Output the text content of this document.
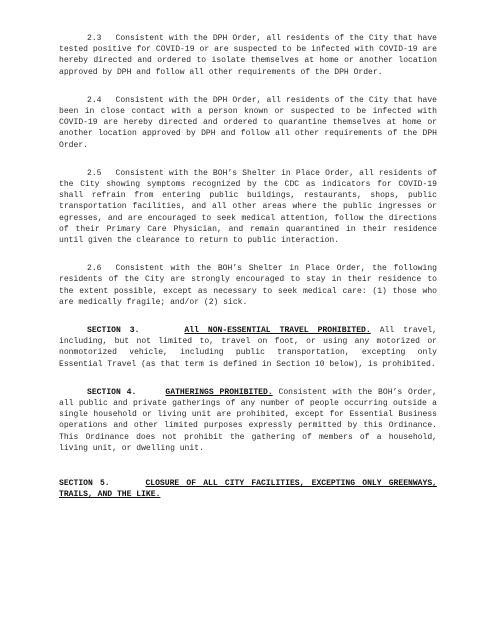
2.3 Consistent with the DPH Order, all residents of the City that have tested positive for COVID-19 or are suspected to be infected with COVID-19 are hereby directed and ordered to isolate themselves at home or another location approved by DPH and follow all other requirements of the DPH Order.

2.4 Consistent with the DPH Order, all residents of the City that have been in close contact with a person known or suspected to be infected with COVID-19 are hereby directed and ordered to quarantine themselves at home or another location approved by DPH and follow all other requirements of the DPH Order.

2.5 Consistent with the BOH’s Shelter in Place Order, all residents of the City showing symptoms recognized by the CDC as indicators for COVID-19 shall refrain from entering public buildings, restaurants, shops, public transportation facilities, and all other areas where the public ingresses or egresses, and are encouraged to seek medical attention, follow the directions of their Primary Care Physician, and remain quarantined in their residence until given the clearance to return to public interaction.

2.6 Consistent with the BOH’s Shelter in Place Order, the following residents of the City are strongly encouraged to stay in their residence to the extent possible, except as necessary to seek medical care: (1) those who are medically fragile; and/or (2) sick.

SECTION 3.	All NON-ESSENTIAL TRAVEL PROHIBITED. All travel, including, but not limited to, travel on foot, or using any motorized or nonmotorized vehicle, including public transportation, excepting only Essential Travel (as that term is defined in Section 10 below), is prohibited.

SECTION 4.	GATHERINGS PROHIBITED. Consistent with the BOH’s Order, all public and private gatherings of any number of people occurring outside a single household or living unit are prohibited, except for Essential Business operations and other limited purposes expressly permitted by this Ordinance. This Ordinance does not prohibit the gathering of members of a household, living unit, or dwelling unit.

SECTION 5.	CLOSURE OF ALL CITY FACILITIES, EXCEPTING ONLY GREENWAYS, TRAILS, AND THE LIKE.
